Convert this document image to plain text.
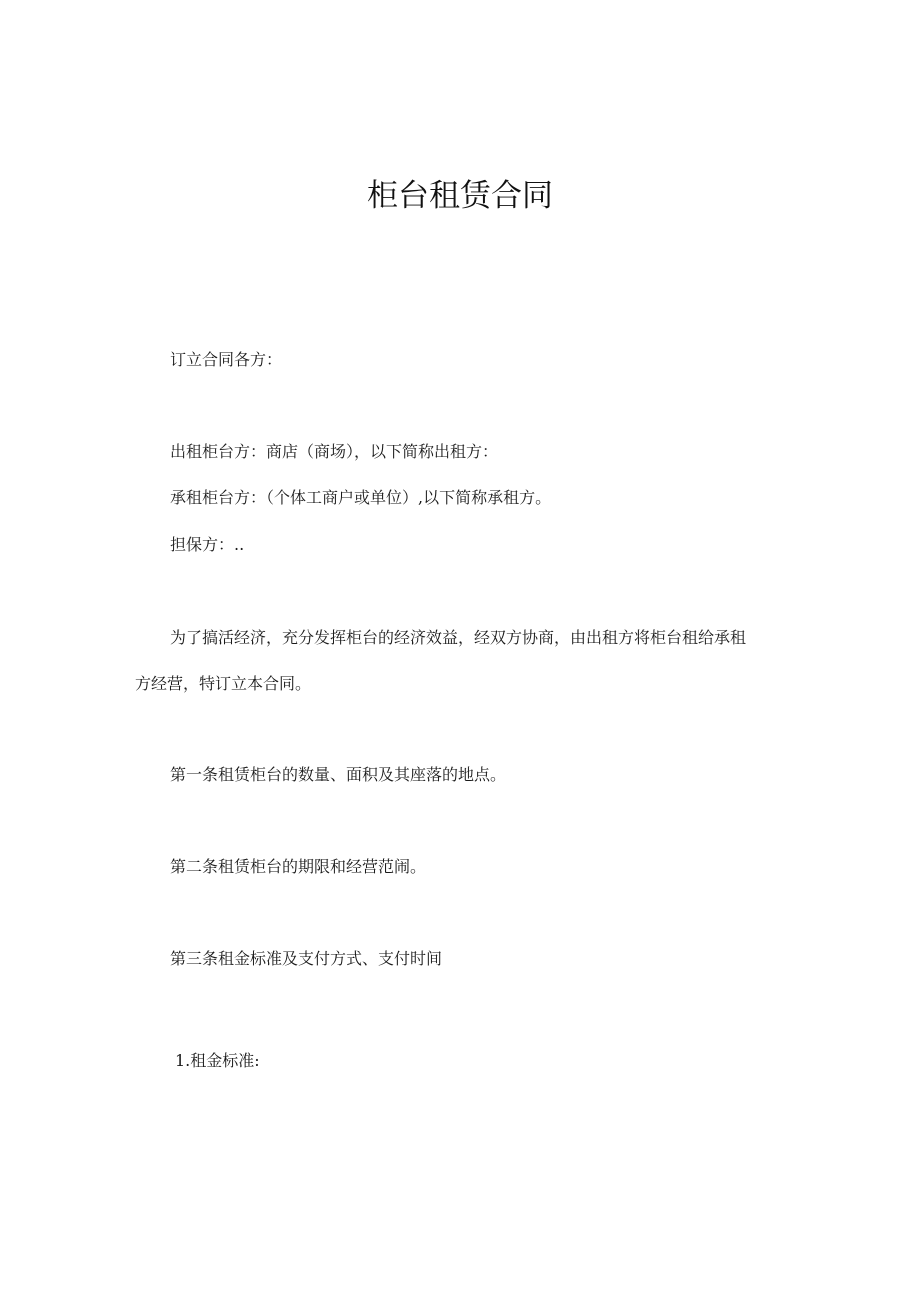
柜台租赁合同
订立合同各方：
出租柜台方：商店（商场），以下简称出租方：
承租柜台方：（个体工商户或单位）,以下简称承租方。
担保方：..
为了搞活经济，充分发挥柜台的经济效益，经双方协商，由出租方将柜台租给承租
方经营，特订立本合同。
第一条租赁柜台的数量、面积及其座落的地点。
第二条租赁柜台的期限和经营范闹。
第三条租金标准及支付方式、支付时间
1.租金标准:
